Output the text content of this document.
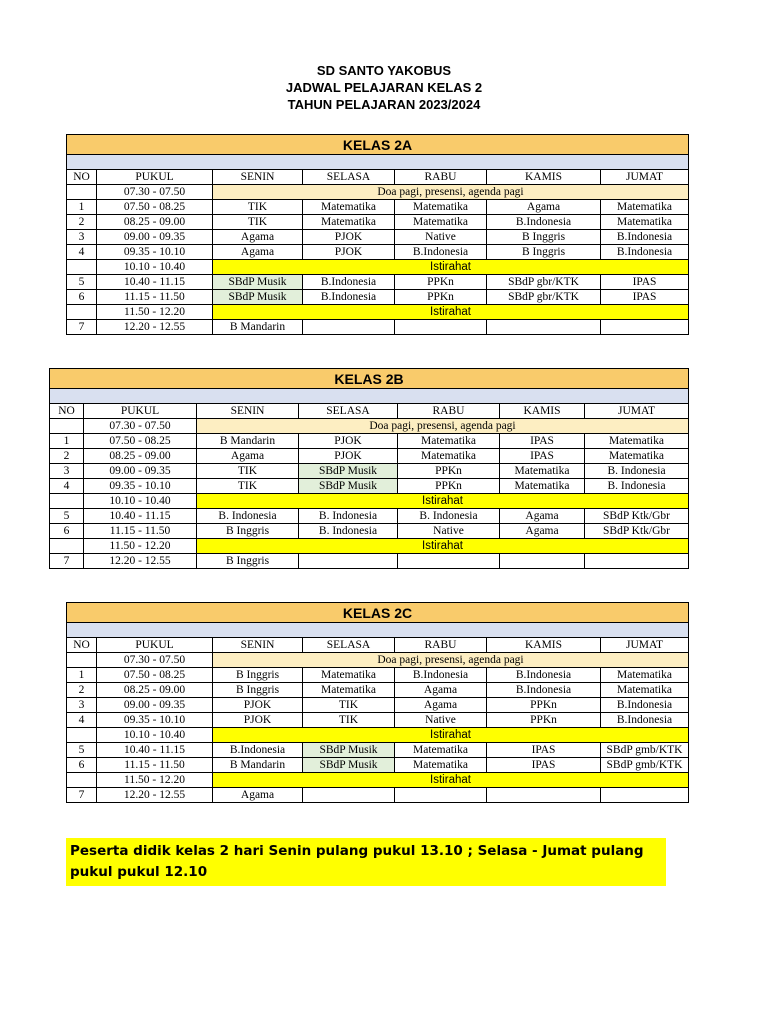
SD SANTO YAKOBUS
JADWAL PELAJARAN KELAS 2
TAHUN PELAJARAN 2023/2024
KELAS 2A						

NO	PUKUL	SENIN	SELASA	RABU	KAMIS	JUMAT
	07.30 - 07.50	Doa pagi, presensi, agenda pagi				
1	07.50 - 08.25	TIK	Matematika	Matematika	Agama	Matematika
2	08.25 - 09.00	TIK	Matematika	Matematika	B.Indonesia	Matematika
3	09.00 - 09.35	Agama	PJOK	Native	B Inggris	B.Indonesia
4	09.35 - 10.10	Agama	PJOK	B.Indonesia	B Inggris	B.Indonesia
	10.10 - 10.40	Istirahat				
5	10.40 - 11.15	SBdP Musik	B.Indonesia	PPKn	SBdP gbr/KTK	IPAS
6	11.15 - 11.50	SBdP Musik	B.Indonesia	PPKn	SBdP gbr/KTK	IPAS
	11.50 - 12.20	Istirahat				
7	12.20 - 12.55	B Mandarin				
KELAS 2B						

NO	PUKUL	SENIN	SELASA	RABU	KAMIS	JUMAT
	07.30 - 07.50	Doa pagi, presensi, agenda pagi				
1	07.50 - 08.25	B Mandarin	PJOK	Matematika	IPAS	Matematika
2	08.25 - 09.00	Agama	PJOK	Matematika	IPAS	Matematika
3	09.00 - 09.35	TIK	SBdP Musik	PPKn	Matematika	B. Indonesia
4	09.35 - 10.10	TIK	SBdP Musik	PPKn	Matematika	B. Indonesia
	10.10 - 10.40	Istirahat				
5	10.40 - 11.15	B. Indonesia	B. Indonesia	B. Indonesia	Agama	SBdP Ktk/Gbr
6	11.15 - 11.50	B Inggris	B. Indonesia	Native	Agama	SBdP Ktk/Gbr
	11.50 - 12.20	Istirahat				
7	12.20 - 12.55	B Inggris				
KELAS 2C						

NO	PUKUL	SENIN	SELASA	RABU	KAMIS	JUMAT
	07.30 - 07.50	Doa pagi, presensi, agenda pagi				
1	07.50 - 08.25	B Inggris	Matematika	B.Indonesia	B.Indonesia	Matematika
2	08.25 - 09.00	B Inggris	Matematika	Agama	B.Indonesia	Matematika
3	09.00 - 09.35	PJOK	TIK	Agama	PPKn	B.Indonesia
4	09.35 - 10.10	PJOK	TIK	Native	PPKn	B.Indonesia
	10.10 - 10.40	Istirahat				
5	10.40 - 11.15	B.Indonesia	SBdP Musik	Matematika	IPAS	SBdP gmb/KTK
6	11.15 - 11.50	B Mandarin	SBdP Musik	Matematika	IPAS	SBdP gmb/KTK
	11.50 - 12.20	Istirahat				
7	12.20 - 12.55	Agama				
Peserta didik kelas 2 hari Senin pulang pukul 13.10 ; Selasa - Jumat pulang pukul pukul 12.10
